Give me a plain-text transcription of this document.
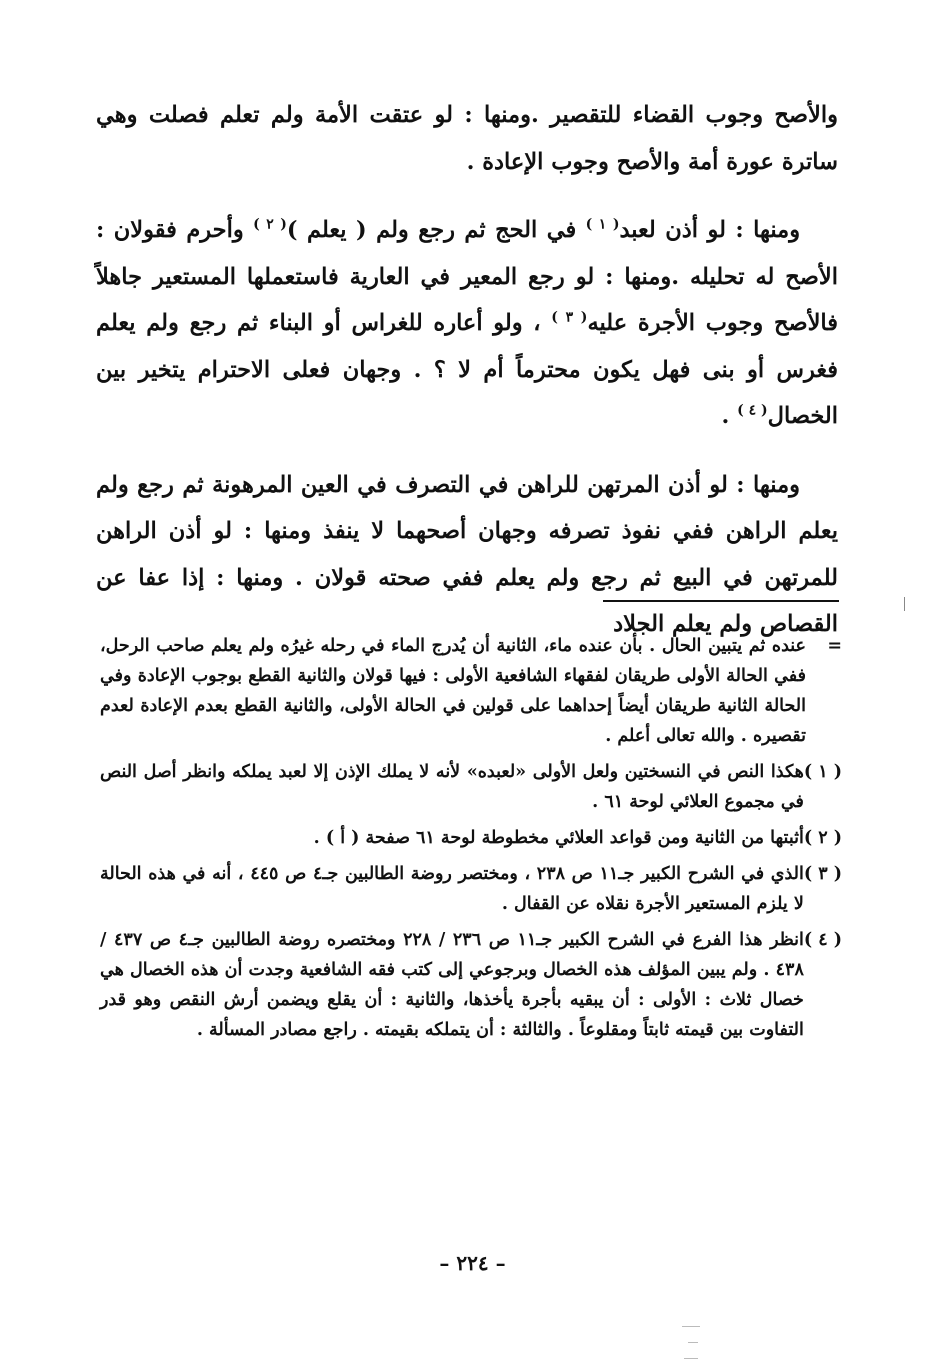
والأصح وجوب القضاء للتقصير .ومنها : لو عتقت الأمة ولم تعلم فصلت وهي ساترة عورة أمة والأصح وجوب الإعادة .

ومنها : لو أذن لعبد$^{( ١ )}$ في الحج ثم رجع ولم ( يعلم )$^{( ٢ )}$ وأحرم فقولان : الأصح له تحليله .ومنها : لو رجع المعير في العارية فاستعملها المستعير جاهلاً فالأصح وجوب الأجرة عليه$^{( ٣ )}$ ، ولو أعاره للغراس أو البناء ثم رجع ولم يعلم فغرس أو بنى فهل يكون محترماً أم لا ؟ . وجهان فعلى الاحترام يتخير بين الخصال$^{( ٤ )}$ .

ومنها : لو أذن المرتهن للراهن في التصرف في العين المرهونة ثم رجع ولم يعلم الراهن ففي نفوذ تصرفه وجهان أصحهما لا ينفذ ومنها : لو أذن الراهن للمرتهن في البيع ثم رجع ولم يعلم ففي صحته قولان . ومنها : إذا عفا عن القصاص ولم يعلم الجلاد

=
عنده ثم يتبين الحال . بأن عنده ماء، الثانية أن يُدرج الماء في رحله غيرُه ولم يعلم صاحب الرحل، ففي الحالة الأولى طريقان لفقهاء الشافعية الأولى : فيها قولان والثانية القطع بوجوب الإعادة وفي الحالة الثانية طريقان أيضاً إحداهما على قولين في الحالة الأولى، والثانية القطع بعدم الإعادة لعدم تقصيره . والله تعالى أعلم .
( ١ )
هكذا النص في النسختين ولعل الأولى «لعبده» لأنه لا يملك الإذن إلا لعبد يملكه وانظر أصل النص في مجموع العلائي لوحة ٦١ .
( ٢ )
أثبتها من الثانية ومن قواعد العلائي مخطوطة لوحة ٦١ صفحة ( أ ) .
( ٣ )
الذي في الشرح الكبير جـ١١ ص ٢٣٨ ، ومختصر روضة الطالبين جـ٤ ص ٤٤٥ ، أنه في هذه الحالة لا يلزم المستعير الأجرة نقلاه عن القفال .
( ٤ )
انظر هذا الفرع في الشرح الكبير جـ١١ ص ٢٣٦ / ٢٢٨ ومختصره روضة الطالبين جـ٤ ص ٤٣٧ / ٤٣٨ . ولم يبين المؤلف هذه الخصال وبرجوعي إلى كتب فقه الشافعية وجدت أن هذه الخصال هي خصال ثلاث : الأولى : أن يبقيه بأجرة يأخذها، والثانية : أن يقلع ويضمن أرش النقص وهو قدر التفاوت بين قيمته ثابتاً ومقلوعاً . والثالثة : أن يتملكه بقيمته . راجع مصادر المسألة .
– ٢٢٤ –
